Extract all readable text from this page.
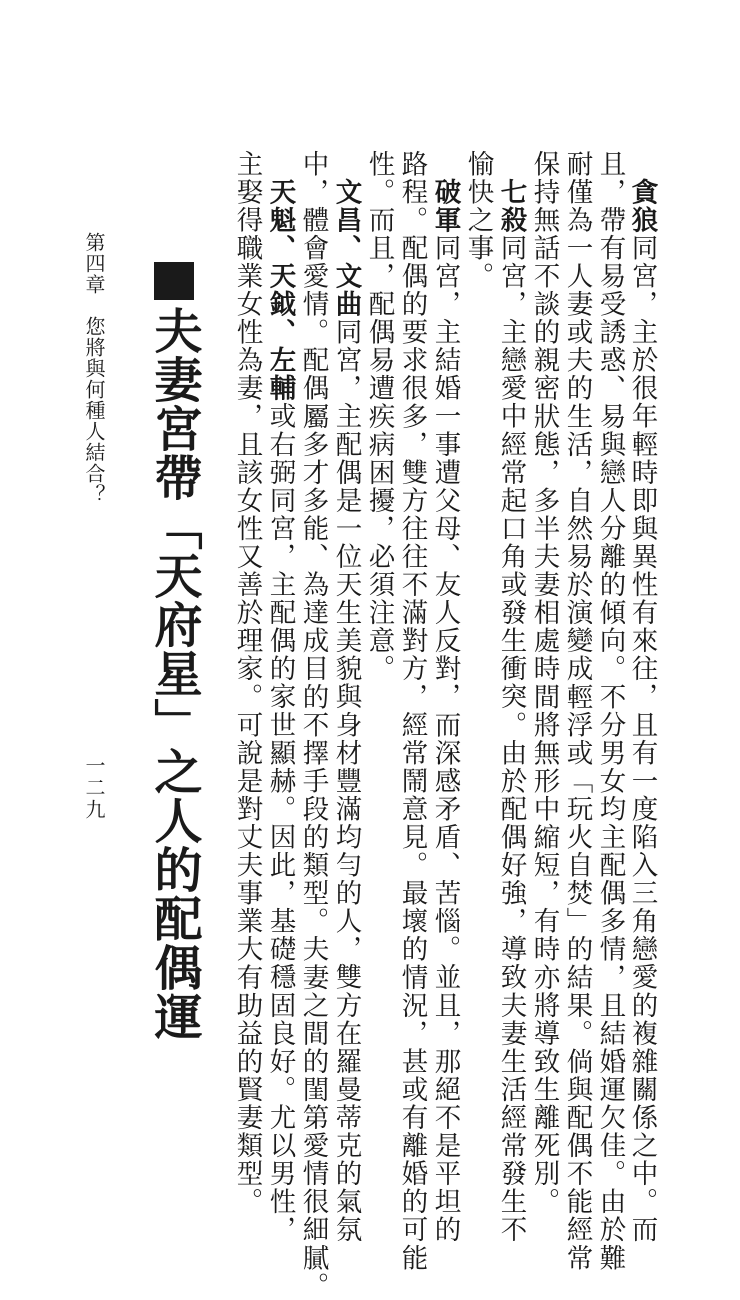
貪狼同宮，主於很年輕時即與異性有來往，且有一度陷入三角戀愛的複雜關係之中。而
且，帶有易受誘惑、易與戀人分離的傾向。不分男女均主配偶多情，且結婚運欠佳。由於難
耐僅為一人妻或夫的生活，自然易於演變成輕浮或「玩火自焚」的結果。倘與配偶不能經常
保持無話不談的親密狀態，多半夫妻相處時間將無形中縮短，有時亦將導致生離死別。
七殺同宮，主戀愛中經常起口角或發生衝突。由於配偶好強，導致夫妻生活經常發生不
愉快之事。
破軍同宮，主結婚一事遭父母、友人反對，而深感矛盾、苦惱。並且，那絕不是平坦的
路程。配偶的要求很多，雙方往往不滿對方，經常鬧意見。最壞的情況，甚或有離婚的可能
性。而且，配偶易遭疾病困擾，必須注意。
文昌、文曲同宮，主配偶是一位天生美貌與身材豐滿均勻的人，雙方在羅曼蒂克的氣氛
中，體會愛情。配偶屬多才多能、為達成目的不擇手段的類型。夫妻之間的閨第愛情很細膩。
天魁、天鉞、左輔或右弼同宮，主配偶的家世顯赫。因此，基礎穩固良好。尤以男性，
主娶得職業女性為妻，且該女性又善於理家。可說是對丈夫事業大有助益的賢妻類型。
夫妻宮帶「天府星」之人的配偶運
第四章　您將與何種人結合？
一二九
